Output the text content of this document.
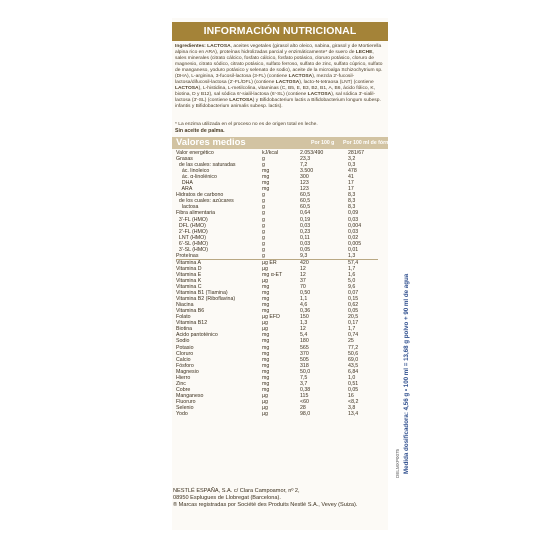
INFORMACIÓN NUTRICIONAL
Ingredientes: LACTOSA, aceites vegetales (girasol alto oleico, nabina, girasol y de Mortierella alpina rico en ARA), proteínas hidrolizadas parcial y enzimáticamente* de suero de LECHE, sales minerales (citrato cálcico, fosfato cálcico, fosfato potásico, cloruro potásico, cloruro de magnesio, citrato sódico, citrato potásico, sulfato ferroso, sulfato de zinc, sulfato cúprico, sulfato de manganeso, yoduro potásico y selenato de sodio), aceite de la microalga Schizochytrium sp.(DHA), L-arginina, 3-fucosil-lactosa (3-FL) (contiene LACTOSA), mezcla 2'-fucosil-lactosa/difucosil-lactosa (2'-FL/DFL) (contiene LACTOSA), lacto-N-tetraosa (LNT) (contiene LACTOSA), L-histidina, L-metilcolina, vitaminas (C, B5, E, B3, B2, B1, A, B6, ácido fólico, K, biotina, D y B12), sal sódica 6'-sialil-lactosa (6'-SL) (contiene LACTOSA), sal sódica 3'-sialil-lactosa (3'-SL) (contiene LACTOSA) y Bifidobacterium lactis a Bifidobacterium longum subesp. infantis y Bifidobacterium animalis subesp. lactis).
* La enzima utilizada en el proceso no es de origen total en leche.
Sin aceite de palma.
Valores medios	Por 100 g Por 100 ml de fórmula
Valor energético	kJ/kcal	2.053/490	281/67
Grasas	g	23,3	3,2
de las cuales: saturadas	g	7,2	0,3
ác. linoleico	mg	3.500	478
ác. α-linolénico	mg	300	41
DHA	mg	123	17
ARA	mg	123	17
Hidratos de carbono	g	60,5	8,3
de los cuales: azúcares	g	60,5	8,3
lactosa	g	60,5	8,3
Fibra alimentaria	g	0,64	0,09
3'-FL (HMO)	g	0,19	0,03
DFL (HMO)	g	0,03	0,004
2'-FL (HMO)	g	0,23	0,03
LNT (HMO)	g	0,11	0,02
6'-SL (HMO)	g	0,03	0,005
3'-SL (HMO)	g	0,05	0,01
Proteínas	g	9,3	1,3
Vitamina A	µg ER	420	57,4
Vitamina D	µg	12	1,7
Vitamina E	mg α-ET	12	1,6
Vitamina K	µg	37	5,0
Vitamina C	mg	70	9,6
Vitamina B1 (Tiamina)	mg	0,50	0,07
Vitamina B2 (Riboflavina)	mg	1,1	0,15
Niacina	mg	4,6	0,62
Vitamina B6	mg	0,36	0,05
Folato	µg EFD	150	20,5
Vitamina B12	µg	1,3	0,17
Biotina	µg	12	1,7
Ácido pantoténico	mg	5,4	0,74
Sodio	mg	180	25
Potasio	mg	565	77,2
Cloruro	mg	370	50,6
Calcio	mg	505	69,0
Fósforo	mg	318	43,5
Magnesio	mg	50,0	6,84
Hierro	mg	7,5	1,0
Zinc	mg	3,7	0,51
Cobre	mg	0,38	0,05
Manganeso	µg	115	16
Fluoruro	µg	<60	<8,2
Selenio	µg	28	3,8
Yodo	µg	98,0	13,4	Medida dosificadora: 4,56 g • 100 ml = 13,68 g polvo + 90 ml de agua
DELMXP0075
NESTLÉ ESPAÑA, S.A. c/ Clara Campoamor, nº 2,
08950 Esplugues de Llobregat (Barcelona).
® Marcas registradas por Société des Produits Nestlé S.A., Vevey (Suiza).
